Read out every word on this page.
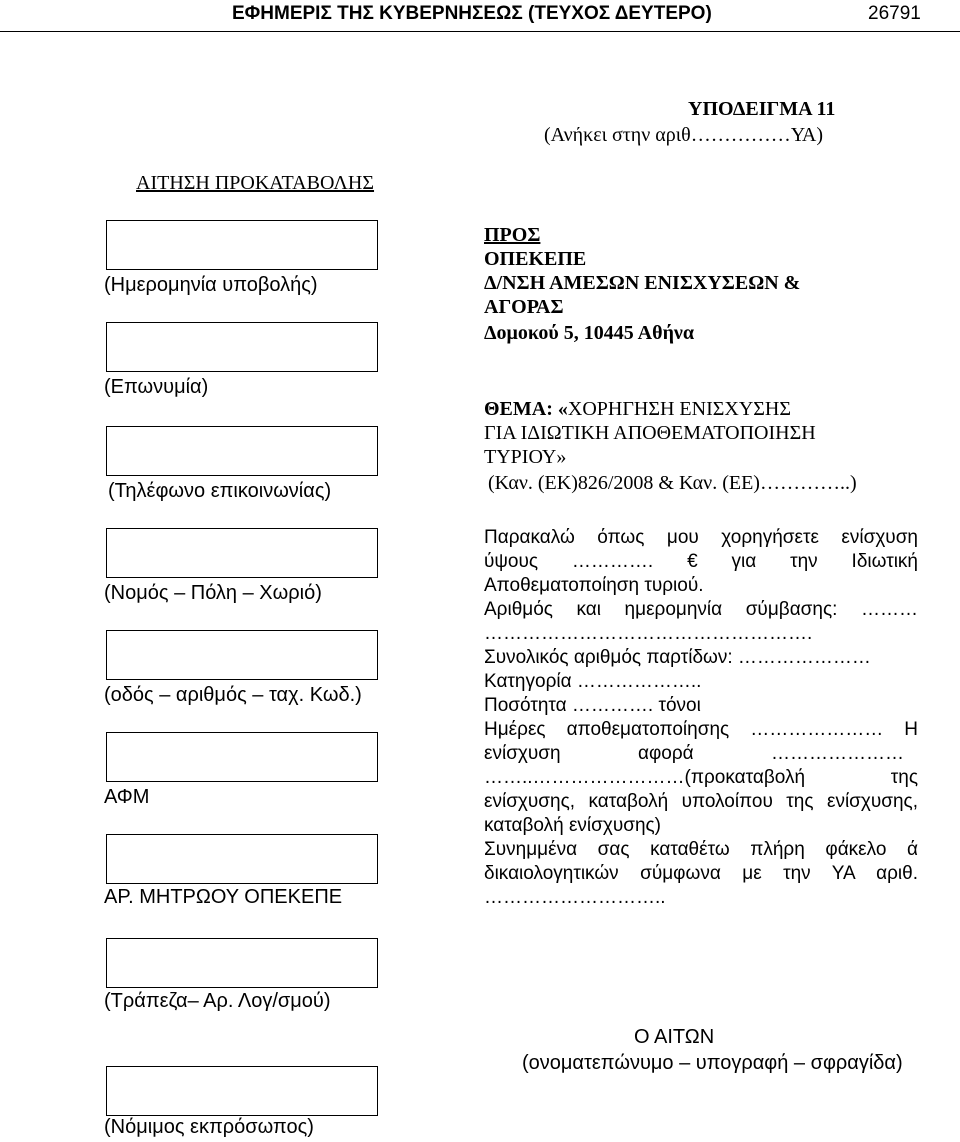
ΕΦΗΜΕΡΙΣ ΤΗΣ ΚΥΒΕΡΝΗΣΕΩΣ (ΤΕΥΧΟΣ ΔΕΥΤΕΡΟ)	26791
ΥΠΟΔΕΙΓΜΑ 11
(Ανήκει στην αριθ……………ΥΑ)
ΑΙΤΗΣΗ ΠΡΟΚΑΤΑΒΟΛΗΣ
(Ημερομηνία υποβολής)
(Επωνυμία)
(Τηλέφωνο επικοινωνίας)
(Νομός – Πόλη – Χωριό)
(οδός – αριθμός – ταχ. Κωδ.)
ΑΦΜ
ΑΡ. ΜΗΤΡΩΟΥ ΟΠΕΚΕΠΕ
(Τράπεζα– Αρ. Λογ/σμού)
(Νόμιμος εκπρόσωπος)
ΠΡΟΣ
ΟΠΕΚΕΠΕ
Δ/ΝΣΗ ΑΜΕΣΩΝ ΕΝΙΣΧΥΣΕΩΝ &
ΑΓΟΡΑΣ
Δομοκού 5, 10445 Αθήνα
ΘΕΜΑ: «ΧΟΡΗΓΗΣΗ ΕΝΙΣΧΥΣΗΣ
ΓΙΑ ΙΔΙΩΤΙΚΗ ΑΠΟΘΕΜΑΤΟΠΟΙΗΣΗ
ΤΥΡΙΟΥ»
(Καν. (ΕΚ)826/2008 & Καν. (ΕΕ)…………..)
Παρακαλώ όπως μου χορηγήσετε ενίσχυση
ύψους …………. € για την Ιδιωτική
Αποθεματοποίηση τυριού.
Αριθμός και ημερομηνία σύμβασης: ………
…………………………………………….
Συνολικός αριθμός παρτίδων: …………………
Κατηγορία ………………..
Ποσότητα …………. τόνοι
Ημέρες αποθεματοποίησης ………………… Η
ενίσχυση αφορά …………………
……..……………………(προκαταβολή της
ενίσχυσης, καταβολή υπολοίπου της ενίσχυσης,
καταβολή ενίσχυσης)
Συνημμένα σας καταθέτω πλήρη φάκελο ά
δικαιολογητικών σύμφωνα με την ΥΑ αριθ.
………………………..
Ο ΑΙΤΩΝ
(ονοματεπώνυμο – υπογραφή – σφραγίδα)
